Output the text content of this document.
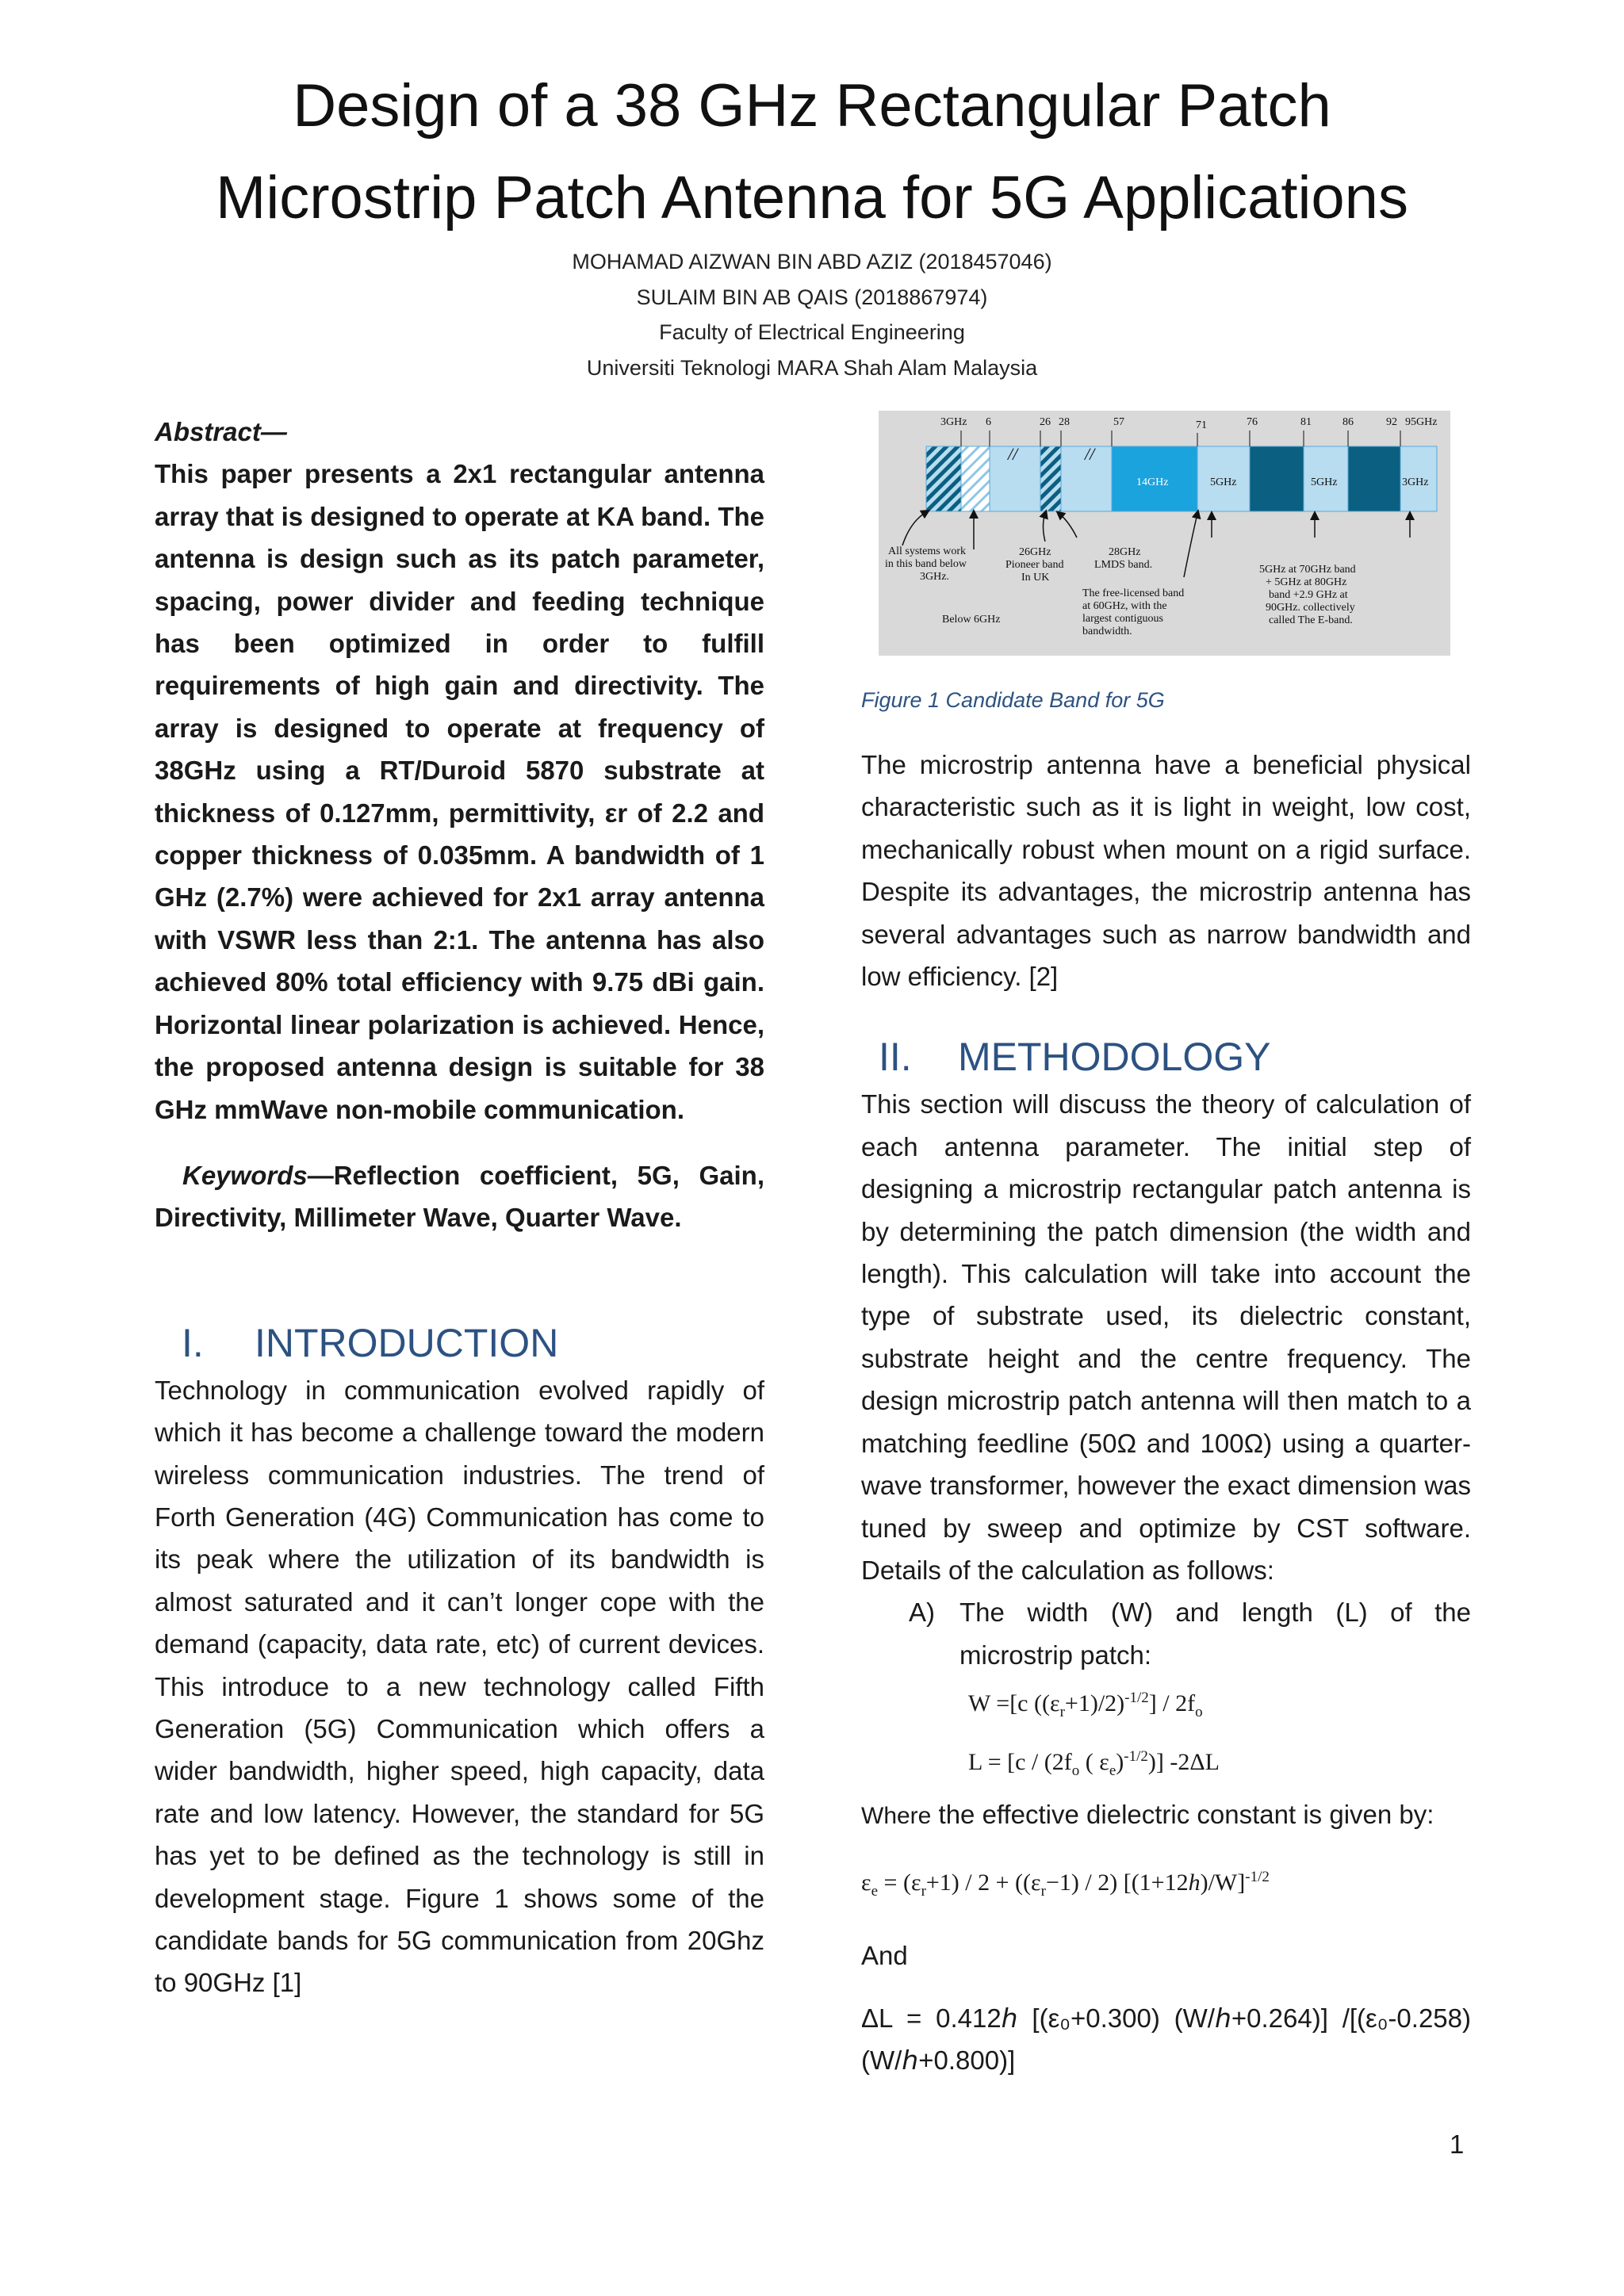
Design of a 38 GHz Rectangular Patch
Microstrip Patch Antenna for 5G Applications
MOHAMAD AIZWAN BIN ABD AZIZ (2018457046)
SULAIM BIN AB QAIS (2018867974)
Faculty of Electrical Engineering
Universiti Teknologi MARA Shah Alam Malaysia

Abstract—

This paper presents a 2x1 rectangular antenna array that is designed to operate at KA band. The antenna is design such as its patch parameter, spacing, power divider and feeding technique has been optimized in order to fulfill requirements of high gain and directivity. The array is designed to operate at frequency of 38GHz using a RT/Duroid 5870 substrate at thickness of 0.127mm, permittivity, εr of 2.2 and copper thickness of 0.035mm. A bandwidth of 1 GHz (2.7%) were achieved for 2x1 array antenna with VSWR less than 2:1. The antenna has also achieved 80% total efficiency with 9.75 dBi gain. Horizontal linear polarization is achieved. Hence, the proposed antenna design is suitable for 38 GHz mmWave non-mobile communication.

Keywords—Reflection coefficient, 5G, Gain, Directivity, Millimeter Wave, Quarter Wave.

I. INTRODUCTION

Technology in communication evolved rapidly of which it has become a challenge toward the modern wireless communication industries. The trend of Forth Generation (4G) Communication has come to its peak where the utilization of its bandwidth is almost saturated and it can’t longer cope with the demand (capacity, data rate, etc) of current devices. This introduce to a new technology called Fifth Generation (5G) Communication which offers a wider bandwidth, higher speed, high capacity, data rate and low latency. However, the standard for 5G has yet to be defined as the technology is still in development stage. Figure 1 shows some of the candidate bands for 5G communication from 20Ghz to 90GHz [1]

3GHz 6	26 28	57	71	76	81	86	92 95GHz
//	//
14GHz	5GHz	5GHz	3GHz
All systems work
in this band below
3GHz.
Below 6GHz
26GHz
Pioneer band
In UK
28GHz
LMDS band.
The free-licensed band
at 60GHz, with the
largest contiguous
bandwidth.
5GHz at 70GHz band
+ 5GHz at 80GHz
band +2.9 GHz at
90GHz. collectively
called The E-band.

Figure 1 Candidate Band for 5G

The microstrip antenna have a beneficial physical characteristic such as it is light in weight, low cost, mechanically robust when mount on a rigid surface. Despite its advantages, the microstrip antenna has several advantages such as narrow bandwidth and low efficiency. [2]

II. METHODOLOGY

This section will discuss the theory of calculation of each antenna parameter. The initial step of designing a microstrip rectangular patch antenna is by determining the patch dimension (the width and length). This calculation will take into account the type of substrate used, its dielectric constant, substrate height and the centre frequency. The design microstrip patch antenna will then match to a matching feedline (50Ω and 100Ω) using a quarter-wave transformer, however the exact dimension was tuned by sweep and optimize by CST software. Details of the calculation as follows:

A) The width (W) and length (L) of the microstrip patch:
W =[c $((\varepsilon_r+1)/2)^{-1/2}] / 2f_o$
$L = [c / (2f_o$ ( $\varepsilon_e)^{-1/2}$)] -2ΔL

Where the effective dielectric constant is given by:

$\varepsilon_e = (\varepsilon_r+1) / 2 + ((\varepsilon_r-1) / 2)$ $[(1+12h)/W]^{-1/2}$

And

ΔL = 0.412ℎ [(ε₀+0.300) (W/ℎ+0.264)] /[(ε₀-0.258) (W/ℎ+0.800)]

1
